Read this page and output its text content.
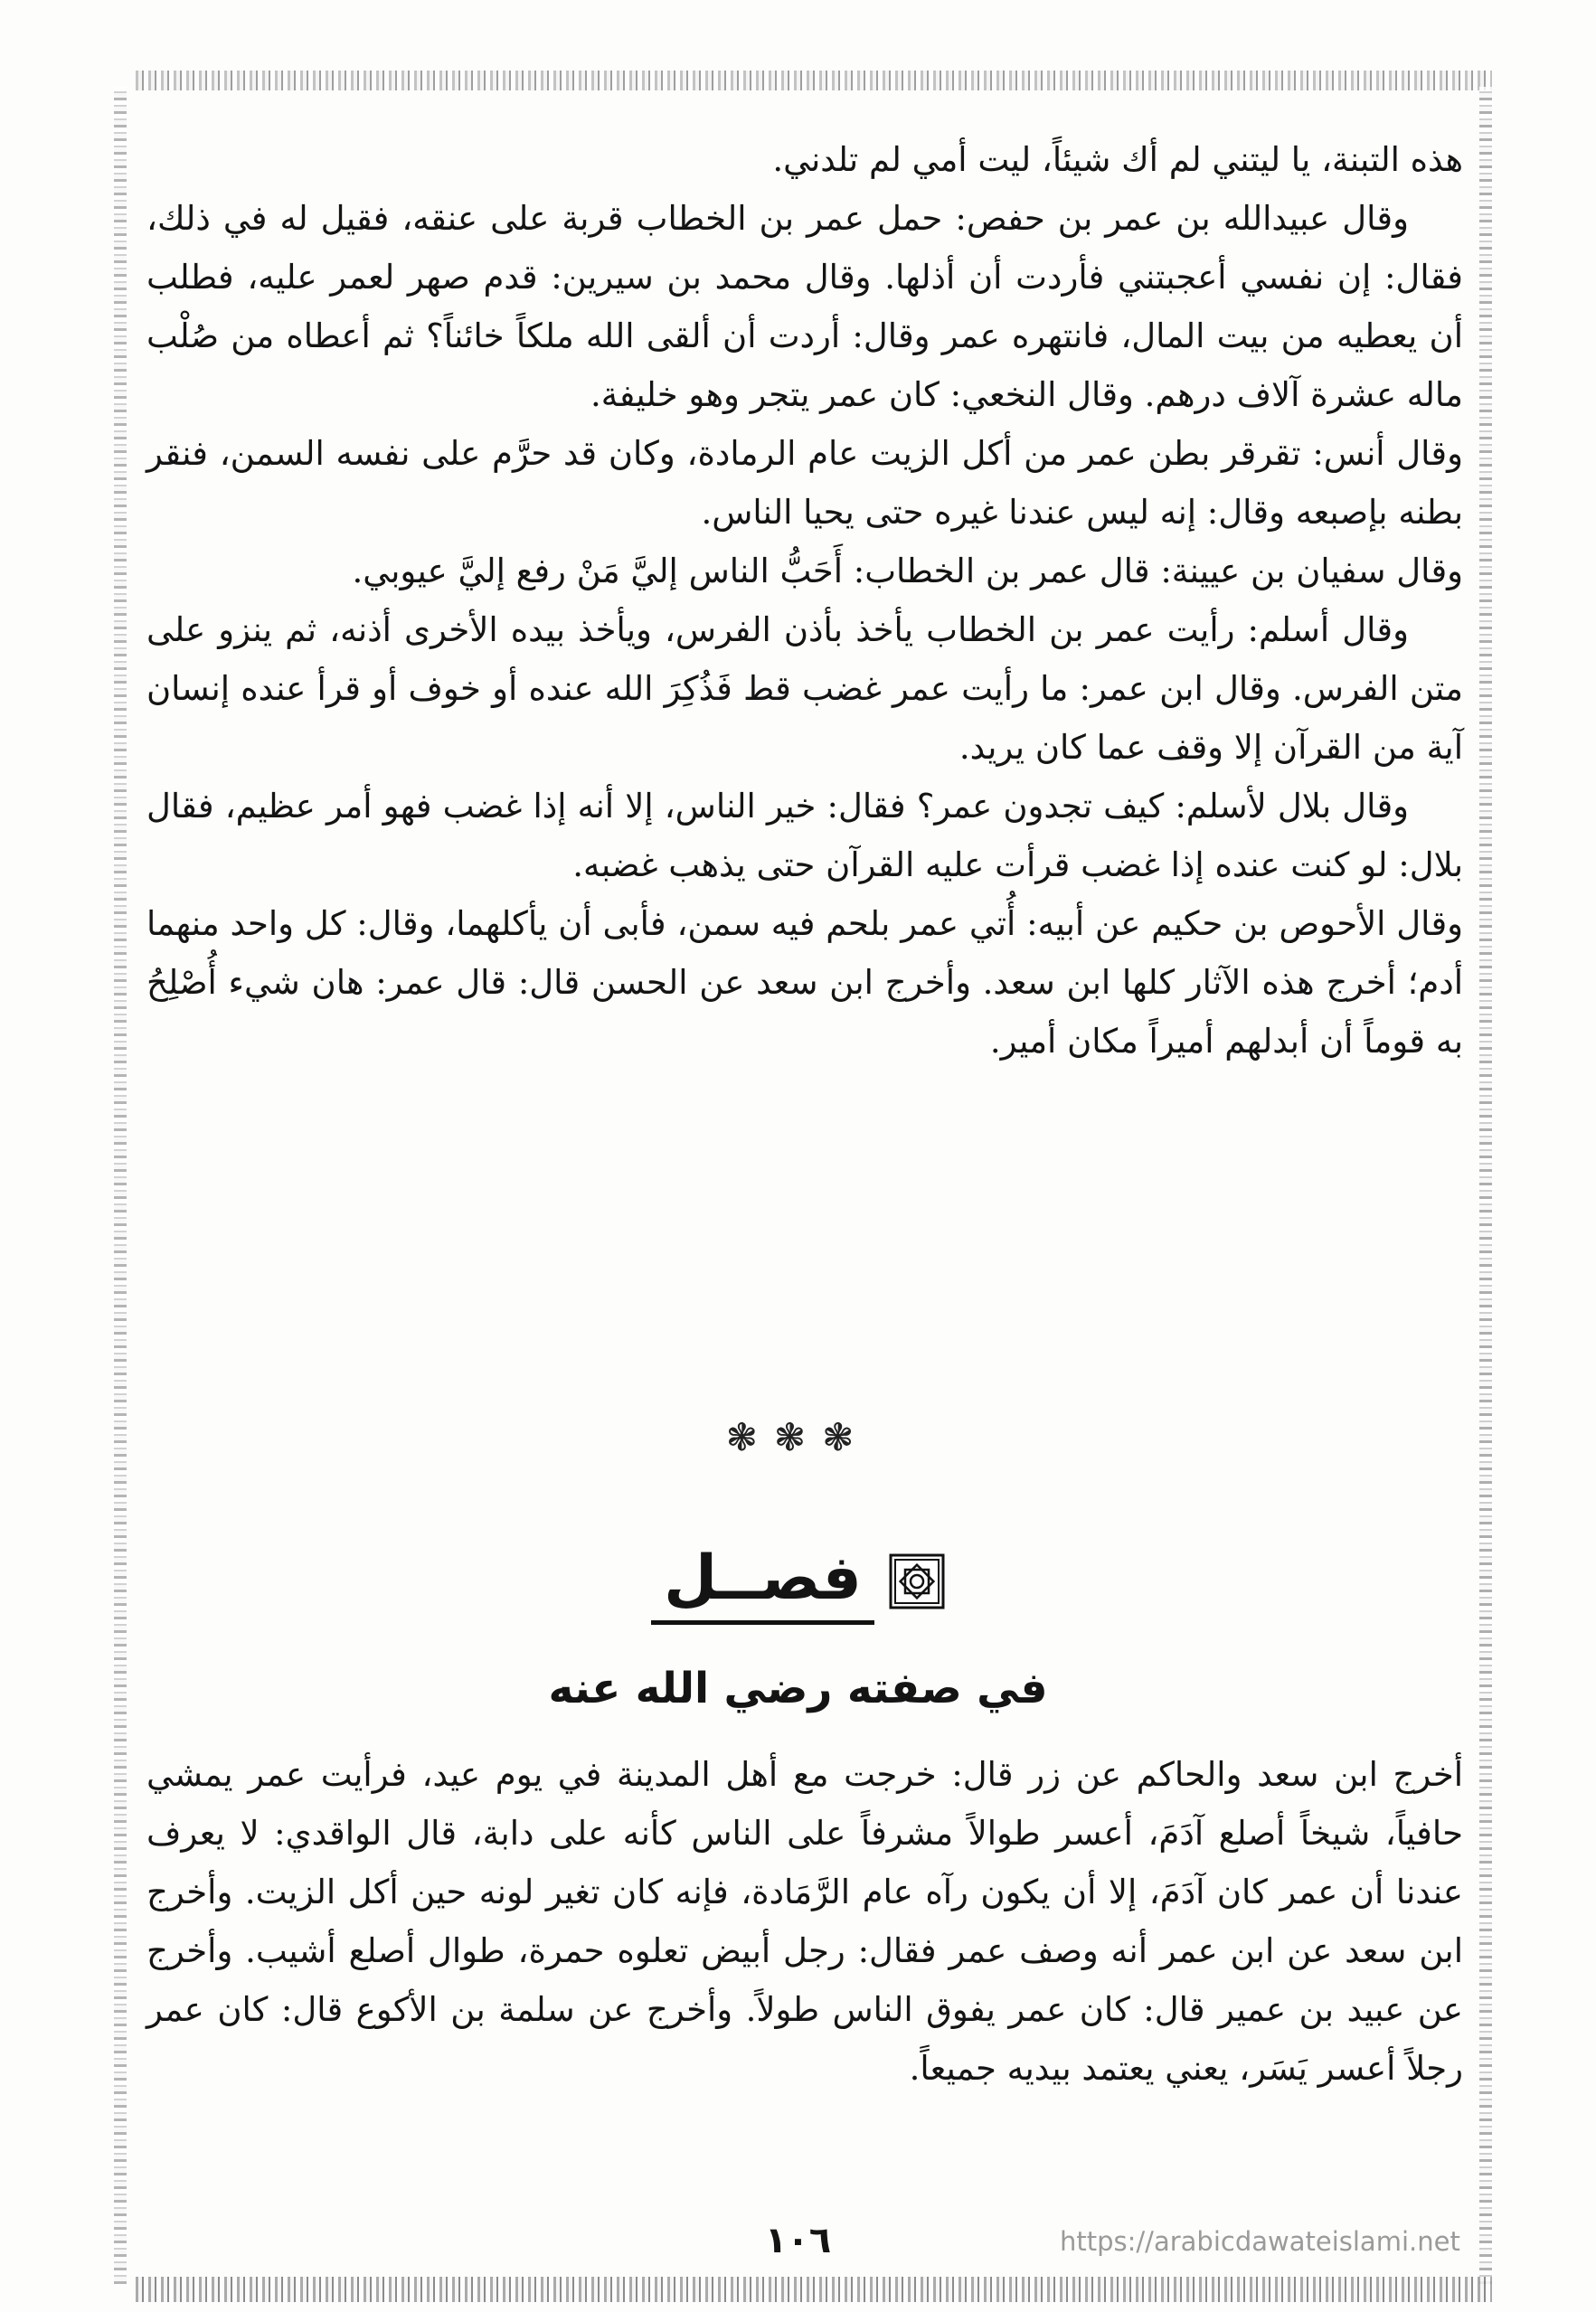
هذه التبنة، يا ليتني لم أك شيئاً، ليت أمي لم تلدني.

وقال عبيدالله بن عمر بن حفص: حمل عمر بن الخطاب قربة على عنقه، فقيل له في ذلك، فقال: إن نفسي أعجبتني فأردت أن أذلها. وقال محمد بن سيرين: قدم صهر لعمر عليه، فطلب أن يعطيه من بيت المال، فانتهره عمر وقال: أردت أن ألقى الله ملكاً خائناً؟ ثم أعطاه من صُلْب ماله عشرة آلاف درهم. وقال النخعي: كان عمر يتجر وهو خليفة.

وقال أنس: تقرقر بطن عمر من أكل الزيت عام الرمادة، وكان قد حرَّم على نفسه السمن، فنقر بطنه بإصبعه وقال: إنه ليس عندنا غيره حتى يحيا الناس.

وقال سفيان بن عيينة: قال عمر بن الخطاب: أَحَبُّ الناس إليَّ مَنْ رفع إليَّ عيوبي.

وقال أسلم: رأيت عمر بن الخطاب يأخذ بأذن الفرس، ويأخذ بيده الأخرى أذنه، ثم ينزو على متن الفرس. وقال ابن عمر: ما رأيت عمر غضب قط فَذُكِرَ الله عنده أو خوف أو قرأ عنده إنسان آية من القرآن إلا وقف عما كان يريد.

وقال بلال لأسلم: كيف تجدون عمر؟ فقال: خير الناس، إلا أنه إذا غضب فهو أمر عظيم، فقال بلال: لو كنت عنده إذا غضب قرأت عليه القرآن حتى يذهب غضبه.

وقال الأحوص بن حكيم عن أبيه: أُتي عمر بلحم فيه سمن، فأبى أن يأكلهما، وقال: كل واحد منهما أدم؛ أخرج هذه الآثار كلها ابن سعد. وأخرج ابن سعد عن الحسن قال: قال عمر: هان شيء أُصْلِحُ به قوماً أن أبدلهم أميراً مكان أمير.

❃❃❃
فصــل
في صفته رضي الله عنه

أخرج ابن سعد والحاكم عن زر قال: خرجت مع أهل المدينة في يوم عيد، فرأيت عمر يمشي حافياً، شيخاً أصلع آدَمَ، أعسر طوالاً مشرفاً على الناس كأنه على دابة، قال الواقدي: لا يعرف عندنا أن عمر كان آدَمَ، إلا أن يكون رآه عام الرَّمَادة، فإنه كان تغير لونه حين أكل الزيت. وأخرج ابن سعد عن ابن عمر أنه وصف عمر فقال: رجل أبيض تعلوه حمرة، طوال أصلع أشيب. وأخرج عن عبيد بن عمير قال: كان عمر يفوق الناس طولاً. وأخرج عن سلمة بن الأكوع قال: كان عمر رجلاً أعسر يَسَر، يعني يعتمد بيديه جميعاً.

١٠٦	https://arabicdawateislami.net
